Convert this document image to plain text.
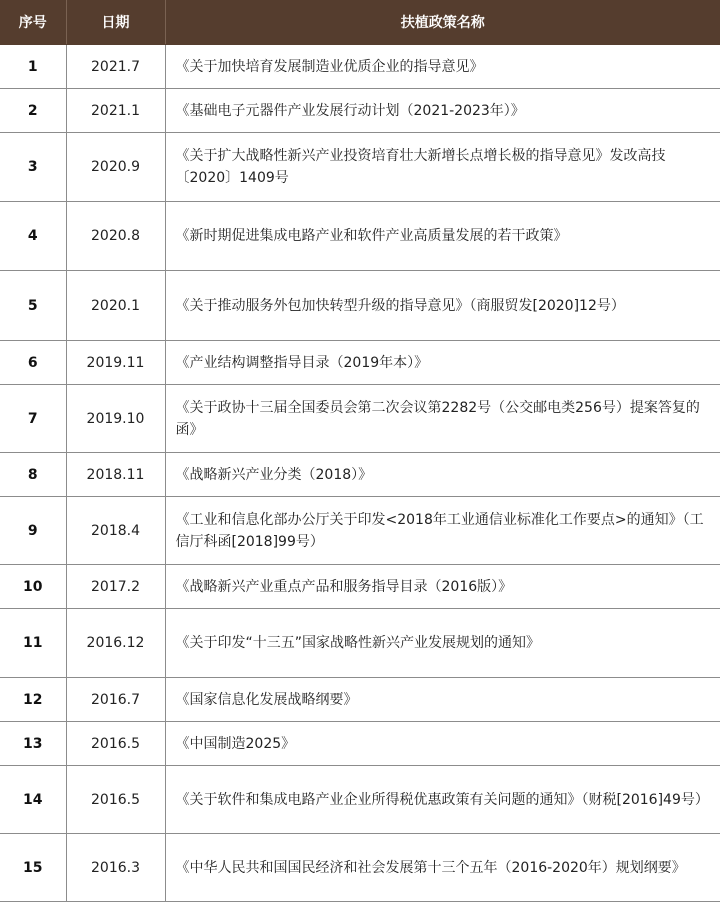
序号	日期	扶植政策名称
1	2021.7	《关于加快培育发展制造业优质企业的指导意见》
2	2021.1	《基础电子元器件产业发展行动计划（2021-2023年）》
3	2020.9	《关于扩大战略性新兴产业投资培育壮大新增长点增长极的指导意见》发改高技〔2020〕1409号
4	2020.8	《新时期促进集成电路产业和软件产业高质量发展的若干政策》
5	2020.1	《关于推动服务外包加快转型升级的指导意见》（商服贸发[2020]12号）
6	2019.11	《产业结构调整指导目录（2019年本）》
7	2019.10	《关于政协十三届全国委员会第二次会议第2282号（公交邮电类256号）提案答复的函》
8	2018.11	《战略新兴产业分类（2018）》
9	2018.4	《工业和信息化部办公厅关于印发<2018年工业通信业标准化工作要点>的通知》（工信厅科函[2018]99号）
10	2017.2	《战略新兴产业重点产品和服务指导目录（2016版）》
11	2016.12	《关于印发“十三五”国家战略性新兴产业发展规划的通知》
12	2016.7	《国家信息化发展战略纲要》
13	2016.5	《中国制造2025》
14	2016.5	《关于软件和集成电路产业企业所得税优惠政策有关问题的通知》（财税[2016]49号）
15	2016.3	《中华人民共和国国民经济和社会发展第十三个五年（2016-2020年）规划纲要》
